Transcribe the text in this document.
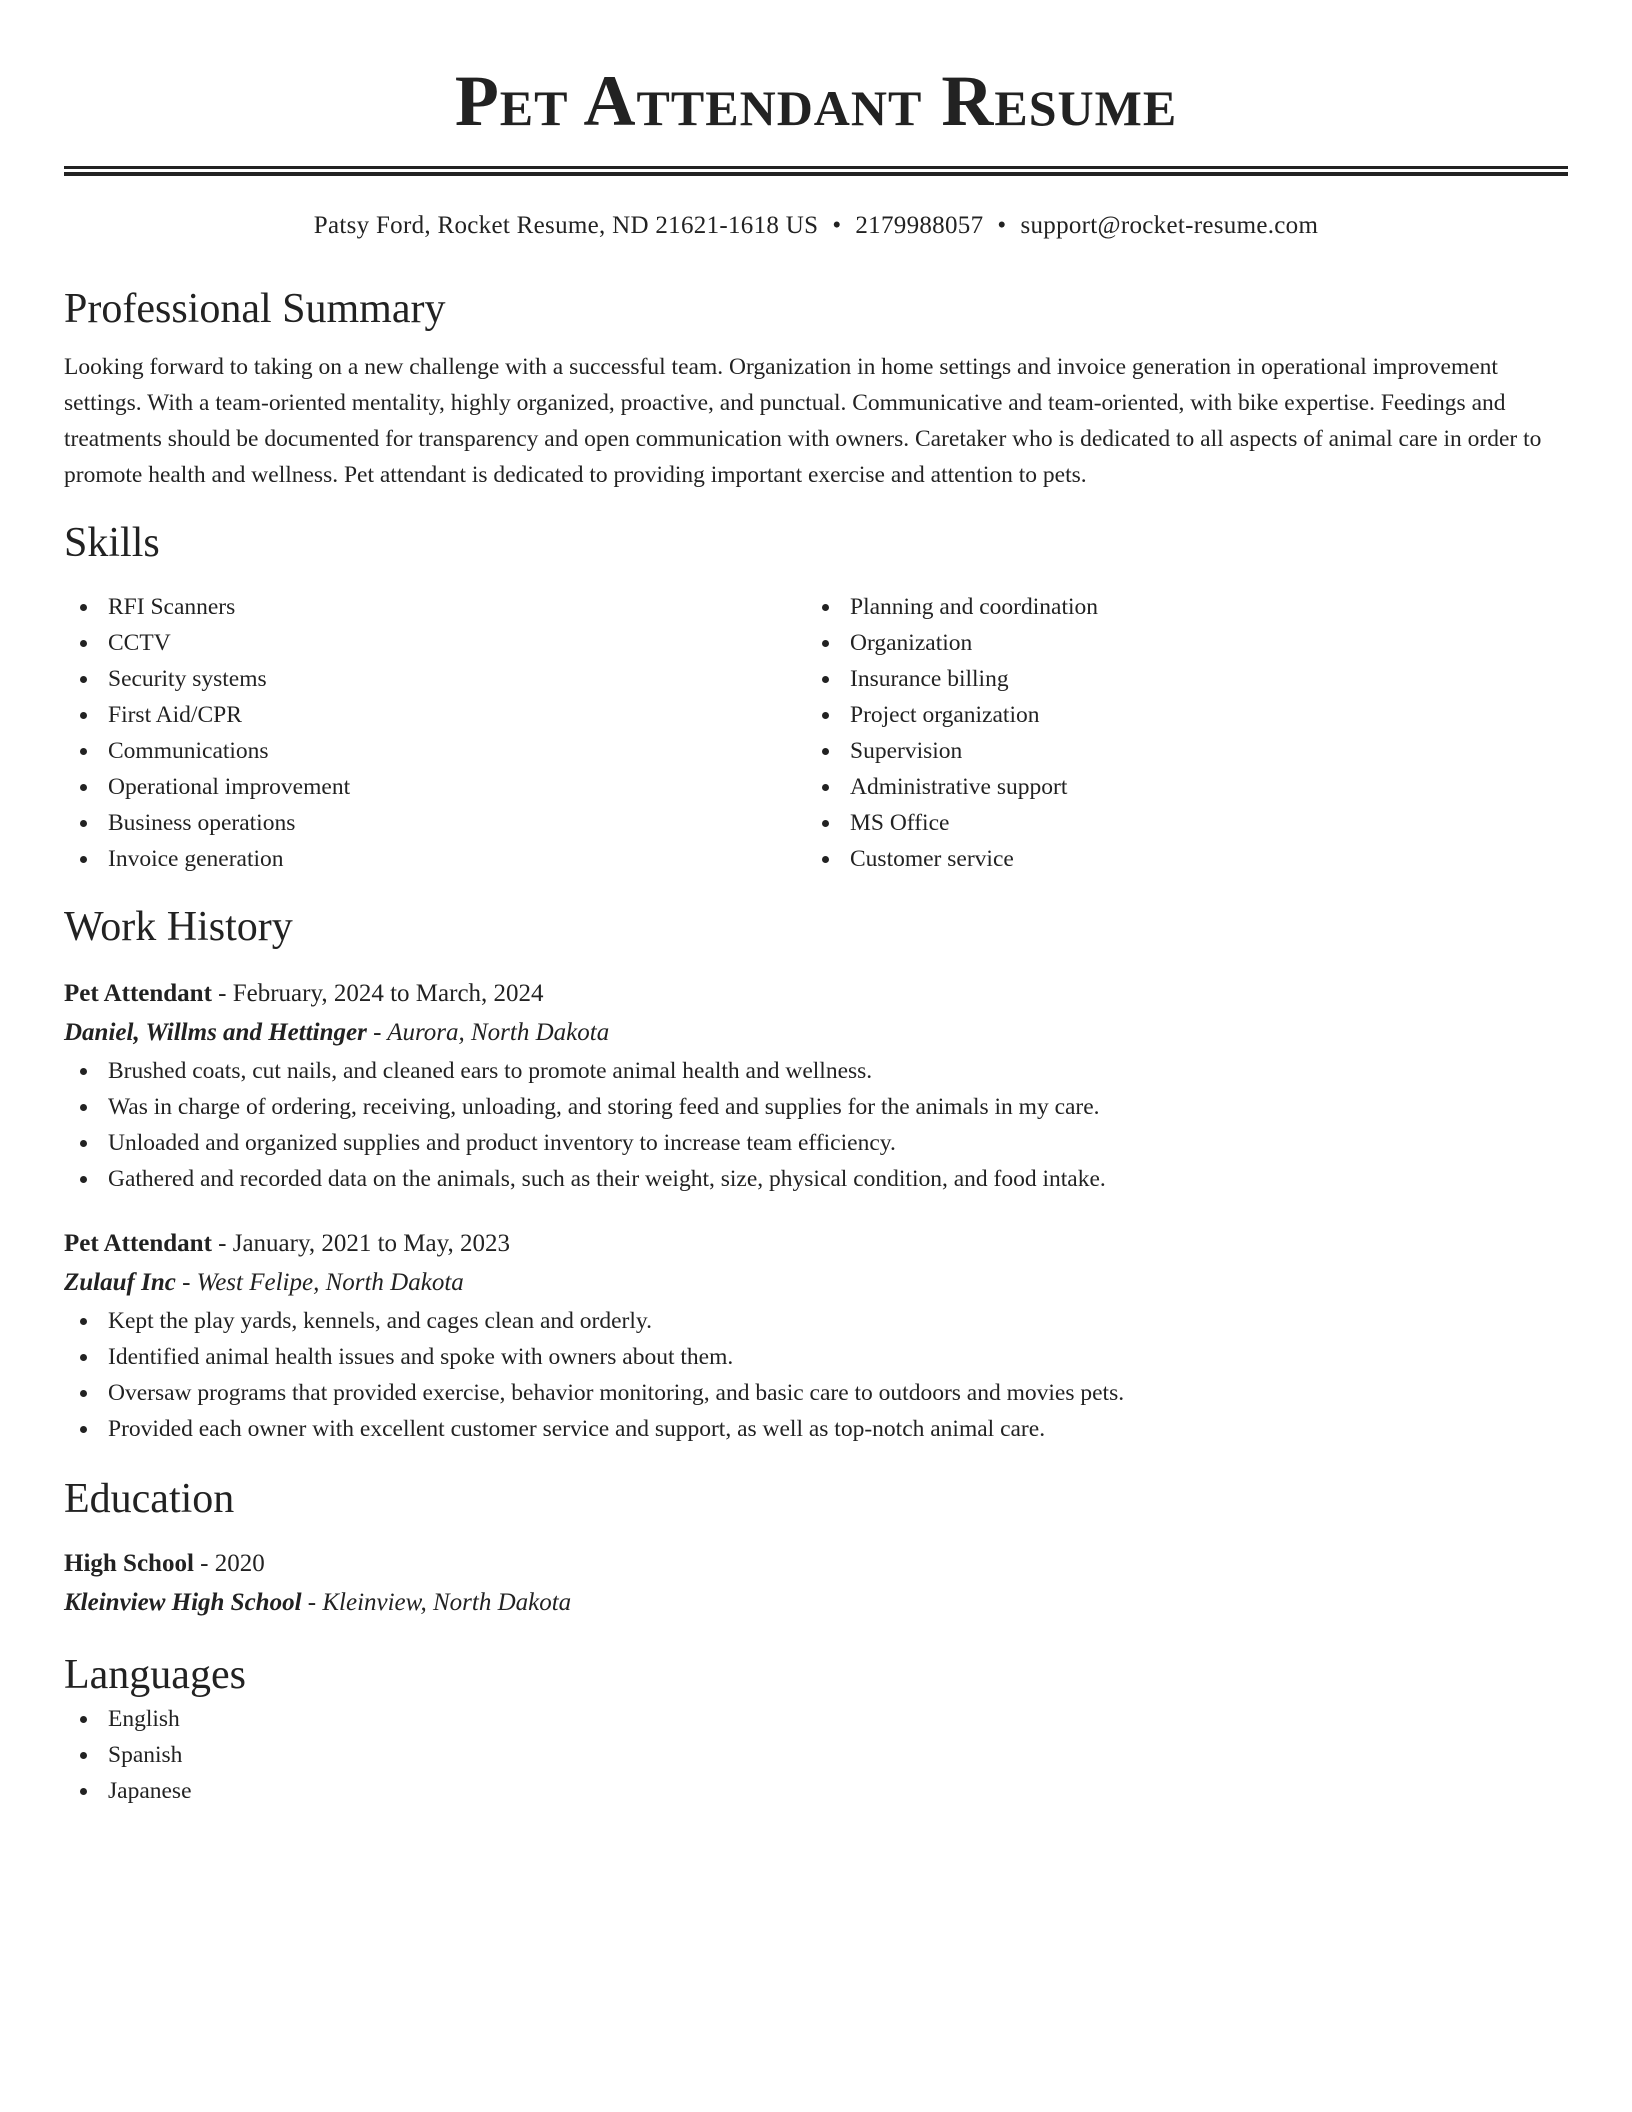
Pet Attendant Resume
Patsy Ford, Rocket Resume, ND 21621-1618 US • 2179988057 • support@rocket-resume.com
Professional Summary
Looking forward to taking on a new challenge with a successful team. Organization in home settings and invoice generation in operational improvement settings. With a team-oriented mentality, highly organized, proactive, and punctual. Communicative and team-oriented, with bike expertise. Feedings and treatments should be documented for transparency and open communication with owners. Caretaker who is dedicated to all aspects of animal care in order to promote health and wellness. Pet attendant is dedicated to providing important exercise and attention to pets.
Skills
RFI Scanners
CCTV
Security systems
First Aid/CPR
Communications
Operational improvement
Business operations
Invoice generation
Planning and coordination
Organization
Insurance billing
Project organization
Supervision
Administrative support
MS Office
Customer service
Work History
Pet Attendant - February, 2024 to March, 2024
Daniel, Willms and Hettinger - Aurora, North Dakota
Brushed coats, cut nails, and cleaned ears to promote animal health and wellness.
Was in charge of ordering, receiving, unloading, and storing feed and supplies for the animals in my care.
Unloaded and organized supplies and product inventory to increase team efficiency.
Gathered and recorded data on the animals, such as their weight, size, physical condition, and food intake.
Pet Attendant - January, 2021 to May, 2023
Zulauf Inc - West Felipe, North Dakota
Kept the play yards, kennels, and cages clean and orderly.
Identified animal health issues and spoke with owners about them.
Oversaw programs that provided exercise, behavior monitoring, and basic care to outdoors and movies pets.
Provided each owner with excellent customer service and support, as well as top-notch animal care.
Education
High School - 2020
Kleinview High School - Kleinview, North Dakota
Languages
English
Spanish
Japanese
